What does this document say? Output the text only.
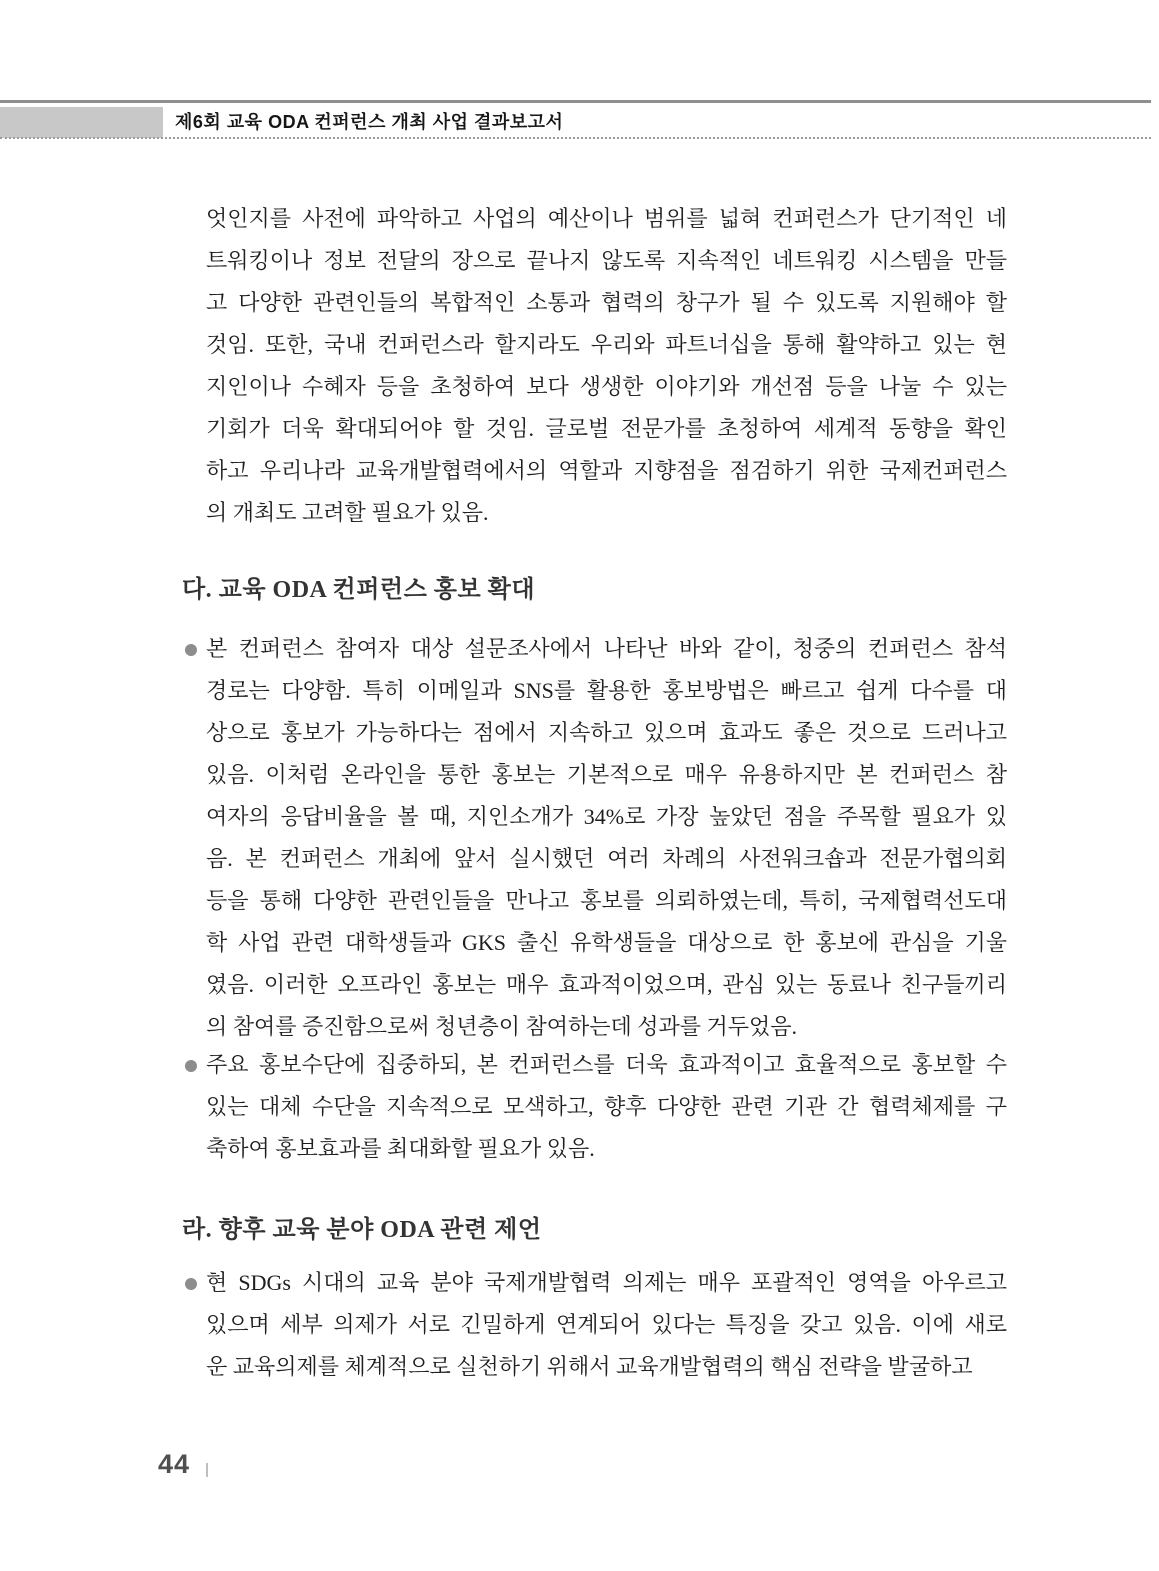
제6회 교육 ODA 컨퍼런스 개최 사업 결과보고서
엇인지를 사전에 파악하고 사업의 예산이나 범위를 넓혀 컨퍼런스가 단기적인 네
트워킹이나 정보 전달의 장으로 끝나지 않도록 지속적인 네트워킹 시스템을 만들
고 다양한 관련인들의 복합적인 소통과 협력의 창구가 될 수 있도록 지원해야 할
것임. 또한, 국내 컨퍼런스라 할지라도 우리와 파트너십을 통해 활약하고 있는 현
지인이나 수혜자 등을 초청하여 보다 생생한 이야기와 개선점 등을 나눌 수 있는
기회가 더욱 확대되어야 할 것임. 글로벌 전문가를 초청하여 세계적 동향을 확인
하고 우리나라 교육개발협력에서의 역할과 지향점을 점검하기 위한 국제컨퍼런스
의 개최도 고려할 필요가 있음.
다. 교육 ODA 컨퍼런스 홍보 확대
본 컨퍼런스 참여자 대상 설문조사에서 나타난 바와 같이, 청중의 컨퍼런스 참석
경로는 다양함. 특히 이메일과 SNS를 활용한 홍보방법은 빠르고 쉽게 다수를 대
상으로 홍보가 가능하다는 점에서 지속하고 있으며 효과도 좋은 것으로 드러나고
있음. 이처럼 온라인을 통한 홍보는 기본적으로 매우 유용하지만 본 컨퍼런스 참
여자의 응답비율을 볼 때, 지인소개가 34%로 가장 높았던 점을 주목할 필요가 있
음. 본 컨퍼런스 개최에 앞서 실시했던 여러 차례의 사전워크숍과 전문가협의회
등을 통해 다양한 관련인들을 만나고 홍보를 의뢰하였는데, 특히, 국제협력선도대
학 사업 관련 대학생들과 GKS 출신 유학생들을 대상으로 한 홍보에 관심을 기울
였음. 이러한 오프라인 홍보는 매우 효과적이었으며, 관심 있는 동료나 친구들끼리
의 참여를 증진함으로써 청년층이 참여하는데 성과를 거두었음.
주요 홍보수단에 집중하되, 본 컨퍼런스를 더욱 효과적이고 효율적으로 홍보할 수
있는 대체 수단을 지속적으로 모색하고, 향후 다양한 관련 기관 간 협력체제를 구
축하여 홍보효과를 최대화할 필요가 있음.
라. 향후 교육 분야 ODA 관련 제언
현 SDGs 시대의 교육 분야 국제개발협력 의제는 매우 포괄적인 영역을 아우르고
있으며 세부 의제가 서로 긴밀하게 연계되어 있다는 특징을 갖고 있음. 이에 새로
운 교육의제를 체계적으로 실천하기 위해서 교육개발협력의 핵심 전략을 발굴하고
44
